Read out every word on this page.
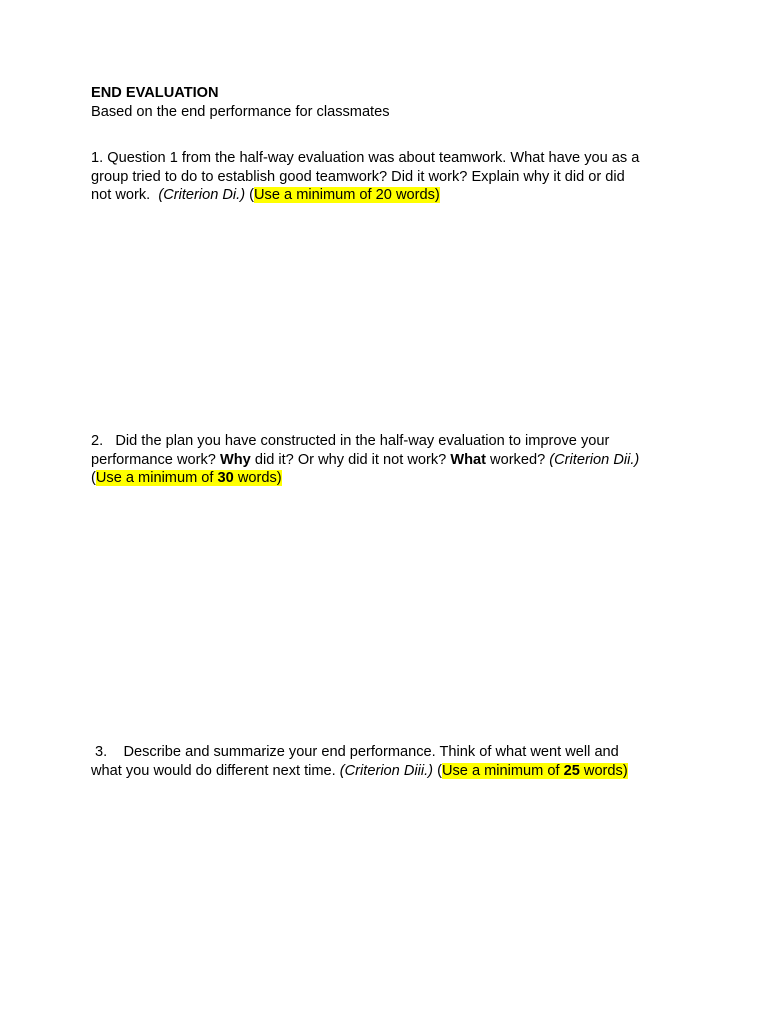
END EVALUATION
Based on the end performance for classmates
1. Question 1 from the half-way evaluation was about teamwork. What have you as a
group tried to do to establish good teamwork? Did it work? Explain why it did or did
not work.  (Criterion Di.) (Use a minimum of 20 words)
2.   Did the plan you have constructed in the half-way evaluation to improve your
performance work? Why did it? Or why did it not work? What worked? (Criterion Dii.)
(Use a minimum of 30 words)
3.    Describe and summarize your end performance. Think of what went well and
what you would do different next time. (Criterion Diii.) (Use a minimum of 25 words)
